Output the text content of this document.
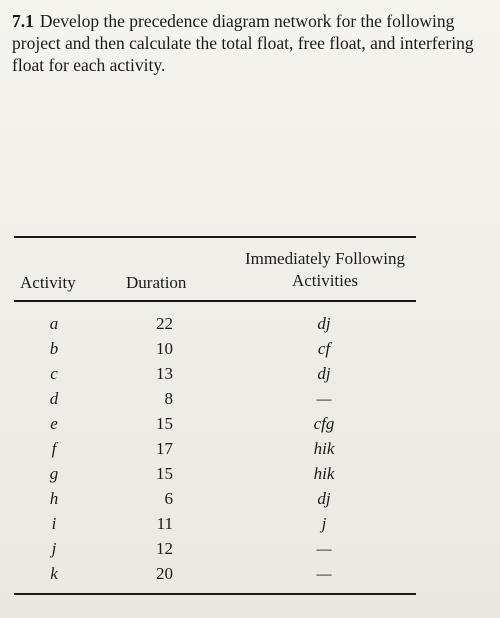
7.1 Develop the precedence diagram network for the following project and then calculate the total float, free float, and interfering float for each activity.
Activity	Duration
Immediately Following
Activities
a	22	dj
b	10	cf
c	13	dj
d	8	—
e	15	cfg
f	17	hik
g	15	hik
h	6	dj
i	11	j
j	12	—
k	20	—
